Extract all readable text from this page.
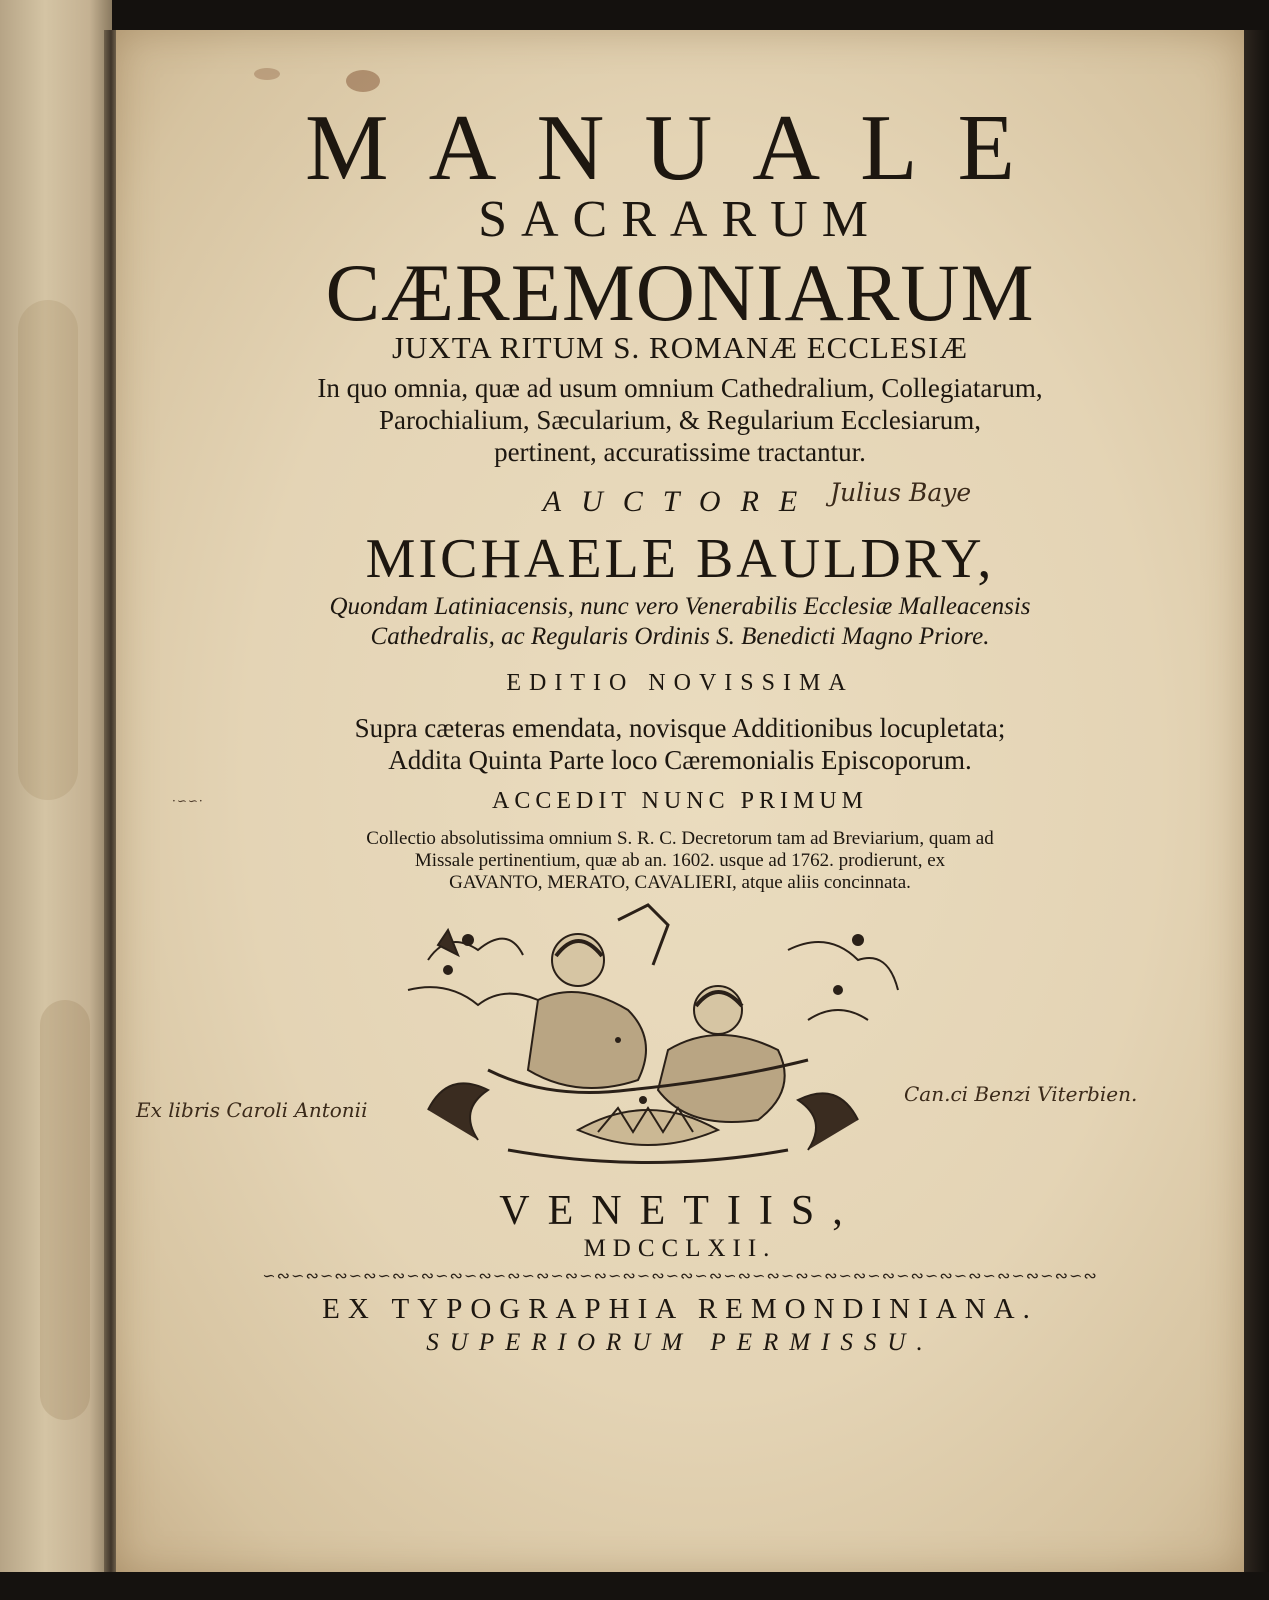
MANUALE
SACRARUM
CÆREMONIARUM
JUXTA RITUM S. ROMANÆ ECCLESIÆ
In quo omnia, quæ ad usum omnium Cathedralium, Collegiatarum,
Parochialium, Sæcularium, & Regularium Ecclesiarum,
pertinent, accuratissime tractantur.
AUCTORE
MICHAELE BAULDRY,
Quondam Latiniacensis, nunc vero Venerabilis Ecclesiæ Malleacensis
Cathedralis, ac Regularis Ordinis S. Benedicti Magno Priore.
EDITIO NOVISSIMA
Supra cæteras emendata, novisque Additionibus locupletata;
Addita Quinta Parte loco Cæremonialis Episcoporum.
ACCEDIT NUNC PRIMUM
Collectio absolutissima omnium S. R. C. Decretorum tam ad Breviarium, quam ad
Missale pertinentium, quæ ab an. 1602. usque ad 1762. prodierunt, ex
GAVANTO, MERATO, CAVALIERI, atque aliis concinnata.
VENETIIS,
MDCCLXII.
∽∾∽∾∽∾∽∾∽∾∽∾∽∾∽∾∽∾∽∾∽∾∽∾∽∾∽∾∽∾∽∾∽∾∽∾∽∾∽∾∽∾∽∾∽∾∽∾∽∾∽∾∽∾∽∾∽∾
EX TYPOGRAPHIA REMONDINIANA.
SUPERIORUM PERMISSU.
Julius Baye
Ex libris Caroli Antonii
Can.ci Benzi Viterbien.
·∽∽·
